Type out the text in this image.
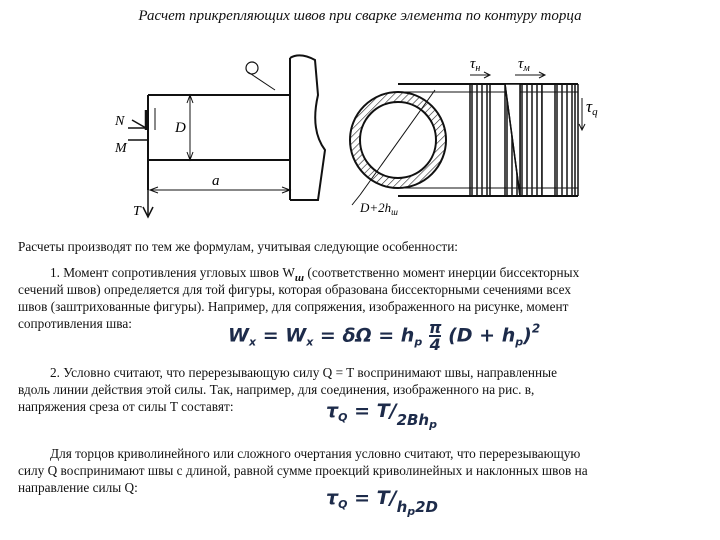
Расчет прикрепляющих швов при сварке элемента по контуру торца
N
M
T
D
a
$\tau_н$	$\tau_м$
τq
$D+2h_ш$
Расчеты производят по тем же формулам, учитывая следующие особенности:
1. Момент сопротивления угловых швов $W_ш$ (соответственно момент инерции биссекторных
сечений швов) определяется для той фигуры, которая образована биссекторными сечениями всех
швов (заштрихованные фигуры). Например, для сопряжения, изображенного на рисунке, момент
сопротивления шва:
$W_x = W_x = \delta\Omega = h_p \frac{\pi}{4} (D + h_p)^2$
2. Условно считают, что перерезывающую силу Q = T воспринимают швы, направленные
вдоль линии действия этой силы. Так, например, для соединения, изображенного на рис. в,
напряжения среза от силы T составят:	$\tau_Q = T/_{2Bhp}$
Для торцов криволинейного или сложного очертания условно считают, что перерезывающую
силу Q воспринимают швы с длиной, равной сумме проекций криволинейных и наклонных швов на
направление силы Q:	$\tau_Q = T/_{hp2D}$
